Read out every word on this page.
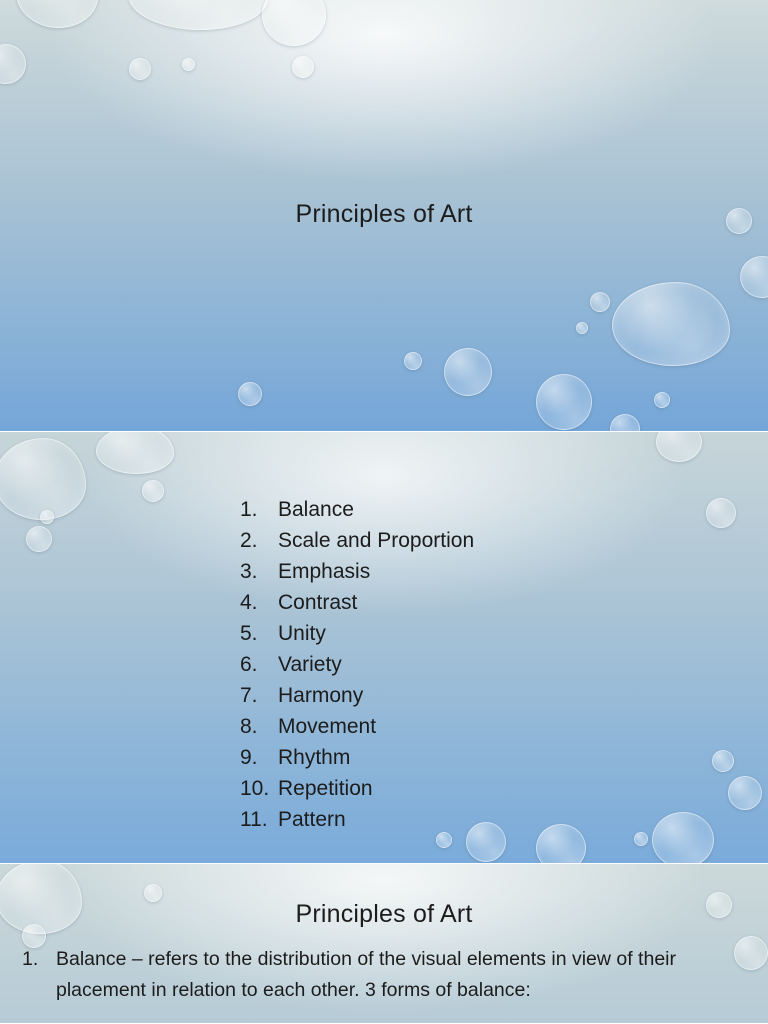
Principles of Art
1. Balance
2. Scale and Proportion
3. Emphasis
4. Contrast
5. Unity
6. Variety
7. Harmony
8. Movement
9. Rhythm
10. Repetition
11. Pattern
Principles of Art
1. Balance – refers to the distribution of the visual elements in view of their placement in relation to each other. 3 forms of balance:
